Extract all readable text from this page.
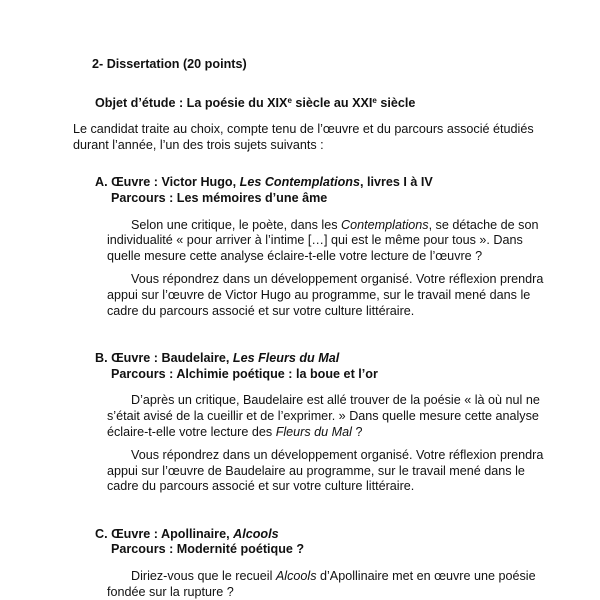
2- Dissertation (20 points)
Objet d’étude : La poésie du XIXe siècle au XXIe siècle
Le candidat traite au choix, compte tenu de l’œuvre et du parcours associé étudiés
durant l’année, l’un des trois sujets suivants :
A. Œuvre : Victor Hugo, Les Contemplations, livres I à IV
Parcours : Les mémoires d’une âme
Selon une critique, le poète, dans les Contemplations, se détache de son
individualité « pour arriver à l’intime […] qui est le même pour tous ». Dans
quelle mesure cette analyse éclaire-t-elle votre lecture de l’œuvre ?
Vous répondrez dans un développement organisé. Votre réflexion prendra
appui sur l’œuvre de Victor Hugo au programme, sur le travail mené dans le
cadre du parcours associé et sur votre culture littéraire.
B. Œuvre : Baudelaire, Les Fleurs du Mal
Parcours : Alchimie poétique : la boue et l’or
D’après un critique, Baudelaire est allé trouver de la poésie « là où nul ne
s’était avisé de la cueillir et de l’exprimer. » Dans quelle mesure cette analyse
éclaire-t-elle votre lecture des Fleurs du Mal ?
Vous répondrez dans un développement organisé. Votre réflexion prendra
appui sur l’œuvre de Baudelaire au programme, sur le travail mené dans le
cadre du parcours associé et sur votre culture littéraire.
C. Œuvre : Apollinaire, Alcools
Parcours : Modernité poétique ?
Diriez-vous que le recueil Alcools d’Apollinaire met en œuvre une poésie
fondée sur la rupture ?
